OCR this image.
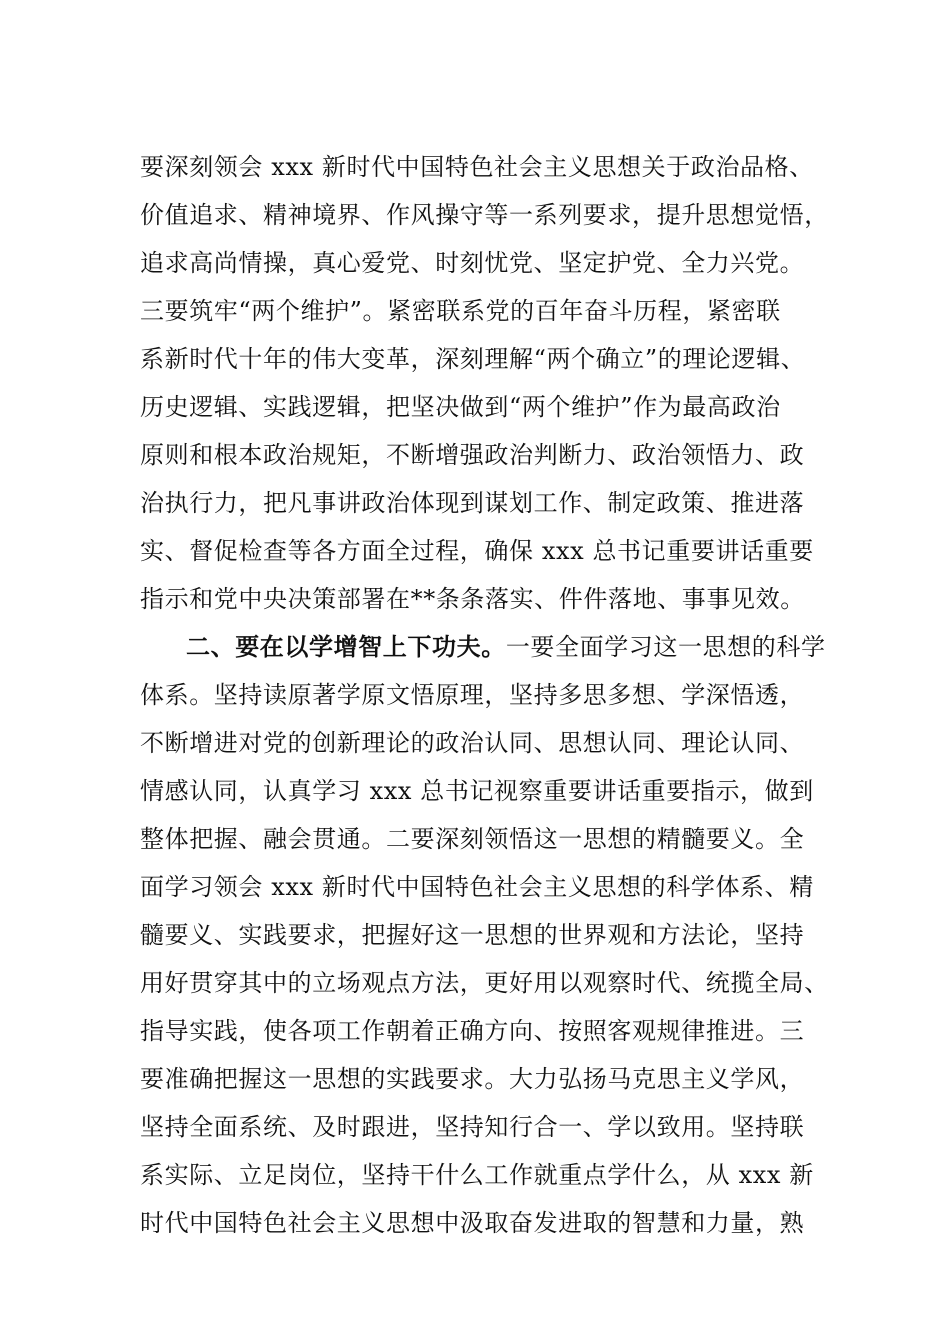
要深刻领会 xxx 新时代中国特色社会主义思想关于政治品格、
价值追求、精神境界、作风操守等一系列要求，提升思想觉悟，
追求高尚情操，真心爱党、时刻忧党、坚定护党、全力兴党。
三要筑牢“两个维护”。紧密联系党的百年奋斗历程，紧密联
系新时代十年的伟大变革，深刻理解“两个确立”的理论逻辑、
历史逻辑、实践逻辑，把坚决做到“两个维护”作为最高政治
原则和根本政治规矩，不断增强政治判断力、政治领悟力、政
治执行力，把凡事讲政治体现到谋划工作、制定政策、推进落
实、督促检查等各方面全过程，确保 xxx 总书记重要讲话重要
指示和党中央决策部署在**条条落实、件件落地、事事见效。
二、要在以学增智上下功夫。一要全面学习这一思想的科学
体系。坚持读原著学原文悟原理，坚持多思多想、学深悟透，
不断增进对党的创新理论的政治认同、思想认同、理论认同、
情感认同，认真学习 xxx 总书记视察重要讲话重要指示，做到
整体把握、融会贯通。二要深刻领悟这一思想的精髓要义。全
面学习领会 xxx 新时代中国特色社会主义思想的科学体系、精
髓要义、实践要求，把握好这一思想的世界观和方法论，坚持
用好贯穿其中的立场观点方法，更好用以观察时代、统揽全局、
指导实践，使各项工作朝着正确方向、按照客观规律推进。三
要准确把握这一思想的实践要求。大力弘扬马克思主义学风，
坚持全面系统、及时跟进，坚持知行合一、学以致用。坚持联
系实际、立足岗位，坚持干什么工作就重点学什么，从 xxx 新
时代中国特色社会主义思想中汲取奋发进取的智慧和力量，熟
